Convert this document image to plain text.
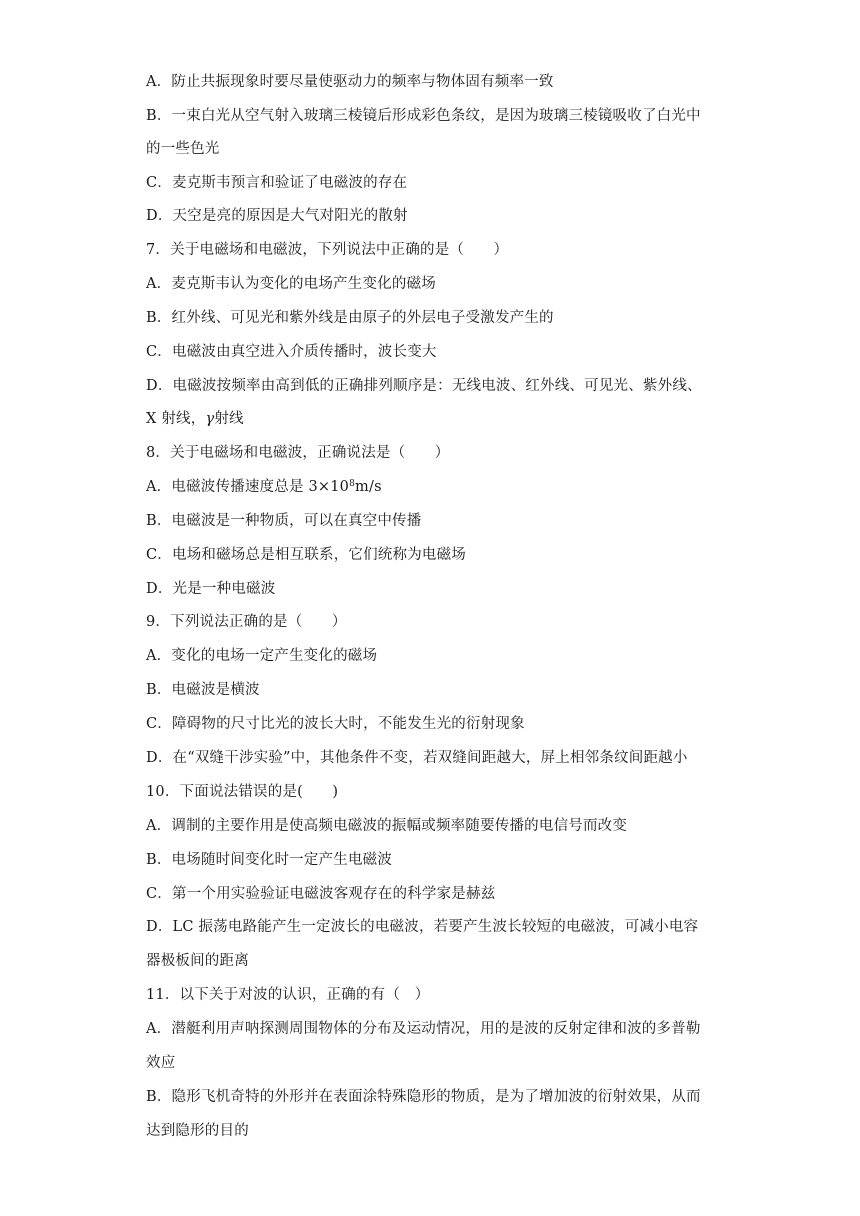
A．防止共振现象时要尽量使驱动力的频率与物体固有频率一致
B．一束白光从空气射入玻璃三棱镜后形成彩色条纹，是因为玻璃三棱镜吸收了白光中
的一些色光
C．麦克斯韦预言和验证了电磁波的存在
D．天空是亮的原因是大气对阳光的散射
7．关于电磁场和电磁波，下列说法中正确的是（　　）
A．麦克斯韦认为变化的电场产生变化的磁场
B．红外线、可见光和紫外线是由原子的外层电子受激发产生的
C．电磁波由真空进入介质传播时，波长变大
D．电磁波按频率由高到低的正确排列顺序是：无线电波、红外线、可见光、紫外线、
X 射线，γ射线
8．关于电磁场和电磁波，正确说法是（　　）
A．电磁波传播速度总是 $3\times 10^8m/s$
B．电磁波是一种物质，可以在真空中传播
C．电场和磁场总是相互联系，它们统称为电磁场
D．光是一种电磁波
9．下列说法正确的是（　　）
A．变化的电场一定产生变化的磁场
B．电磁波是横波
C．障碍物的尺寸比光的波长大时，不能发生光的衍射现象
D．在“双缝干涉实验”中，其他条件不变，若双缝间距越大，屏上相邻条纹间距越小
10．下面说法错误的是(　　)
A．调制的主要作用是使高频电磁波的振幅或频率随要传播的电信号而改变
B．电场随时间变化时一定产生电磁波
C．第一个用实验验证电磁波客观存在的科学家是赫兹
D．LC 振荡电路能产生一定波长的电磁波，若要产生波长较短的电磁波，可减小电容
器极板间的距离
11．以下关于对波的认识，正确的有（　）
A．潜艇利用声呐探测周围物体的分布及运动情况，用的是波的反射定律和波的多普勒
效应
B．隐形飞机奇特的外形并在表面涂特殊隐形的物质，是为了增加波的衍射效果，从而
达到隐形的目的
